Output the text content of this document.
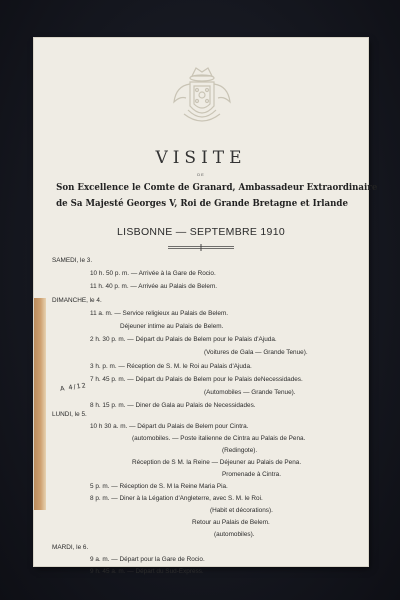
VISITE
DE
Son Excellence le Comte de Granard, Ambassadeur Extraordinaire
de Sa Majesté Georges V, Roi de Grande Bretagne et Irlande
LISBONNE — SEPTEMBRE 1910
SAMEDI, le 3.
10 h. 50 p. m. — Arrivée à la Gare de Rocio.
11 h. 40 p. m. — Arrivée au Palais de Belem.
DIMANCHE, le 4.
11 a. m. — Service religieux au Palais de Belem.
Déjeuner intime au Palais de Belem.
2 h. 30 p. m. — Départ du Palais de Belem pour le Palais d'Ajuda.
(Voitures de Gala — Grande Tenue).
3 h. p. m. — Réception de S. M. le Roi au Palais d'Ajuda.
7 h. 45 p. m. — Départ du Palais de Belem pour le Palais deNecessidades.
(Automobiles — Grande Tenue).
8 h. 15 p. m. — Diner de Gala au Palais de Necessidades.
LUNDI, le 5.
10 h 30 a. m. — Départ du Palais de Belem pour Cintra.
(automobiles. — Poste italienne de Cintra au Palais de Pena.
(Redingote).
Réception de S M. la Reine — Déjeuner au Palais de Pena.
Promenade à Cintra.
5 p. m. — Réception de S. M la Reine Maria Pia.
8 p. m. — Diner à la Légation d'Angleterre, avec S. M. le Roi.
(Habit et décorations).
Retour au Palais de Belem.
(automobiles).
A 4/12
MARDI, le 6.
9 a. m. — Départ pour la Gare de Rocio.
9 h. 45 a. m. — Départ du Sud-Express.
